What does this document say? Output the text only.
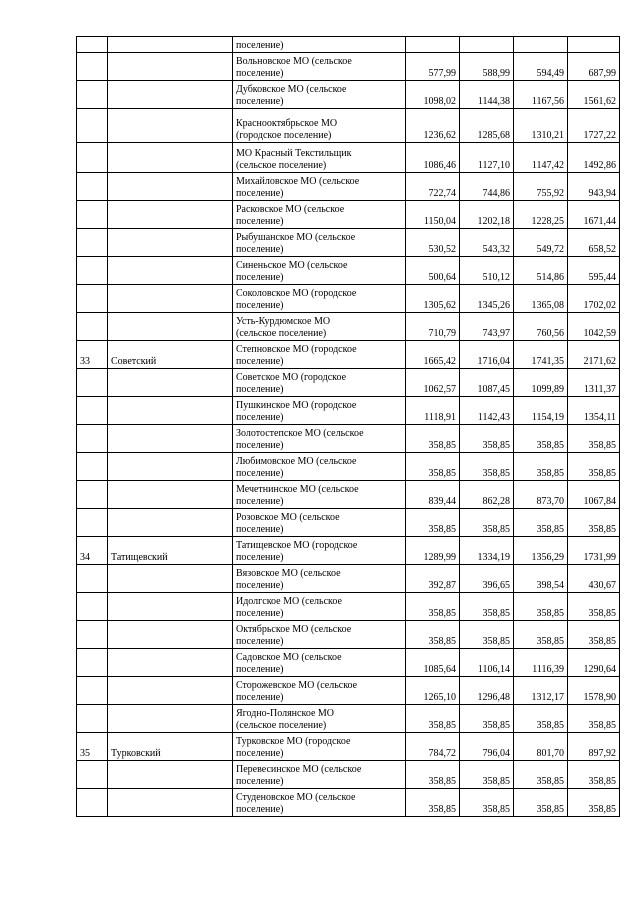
		поселение)				
		Вольновское МО (сельское
поселение)	577,99	588,99	594,49	687,99
		Дубковское МО (сельское
поселение)	1098,02	1144,38	1167,56	1561,62
		Краснооктябрьское МО
(городское поселение)	1236,62	1285,68	1310,21	1727,22
		МО Красный Текстильщик
(сельское поселение)	1086,46	1127,10	1147,42	1492,86
		Михайловское МО (сельское
поселение)	722,74	744,86	755,92	943,94
		Расковское МО (сельское
поселение)	1150,04	1202,18	1228,25	1671,44
		Рыбушанское МО (сельское
поселение)	530,52	543,32	549,72	658,52
		Синеньское МО (сельское
поселение)	500,64	510,12	514,86	595,44
		Соколовское МО (городское
поселение)	1305,62	1345,26	1365,08	1702,02
		Усть-Курдюмское МО
(сельское поселение)	710,79	743,97	760,56	1042,59
33	Советский	Степновское МО (городское
поселение)	1665,42	1716,04	1741,35	2171,62
		Советское МО (городское
поселение)	1062,57	1087,45	1099,89	1311,37
		Пушкинское МО (городское
поселение)	1118,91	1142,43	1154,19	1354,11
		Золотостепское МО (сельское
поселение)	358,85	358,85	358,85	358,85
		Любимовское МО (сельское
поселение)	358,85	358,85	358,85	358,85
		Мечетнинское МО (сельское
поселение)	839,44	862,28	873,70	1067,84
		Розовское МО (сельское
поселение)	358,85	358,85	358,85	358,85
34	Татищевский	Татищевское МО (городское
поселение)	1289,99	1334,19	1356,29	1731,99
		Вязовское МО (сельское
поселение)	392,87	396,65	398,54	430,67
		Идолгское МО (сельское
поселение)	358,85	358,85	358,85	358,85
		Октябрьское МО (сельское
поселение)	358,85	358,85	358,85	358,85
		Садовское МО (сельское
поселение)	1085,64	1106,14	1116,39	1290,64
		Сторожевское МО (сельское
поселение)	1265,10	1296,48	1312,17	1578,90
		Ягодно-Полянское МО
(сельское поселение)	358,85	358,85	358,85	358,85
35	Турковский	Турковское МО (городское
поселение)	784,72	796,04	801,70	897,92
		Перевесинское МО (сельское
поселение)	358,85	358,85	358,85	358,85
		Студеновское МО (сельское
поселение)	358,85	358,85	358,85	358,85
